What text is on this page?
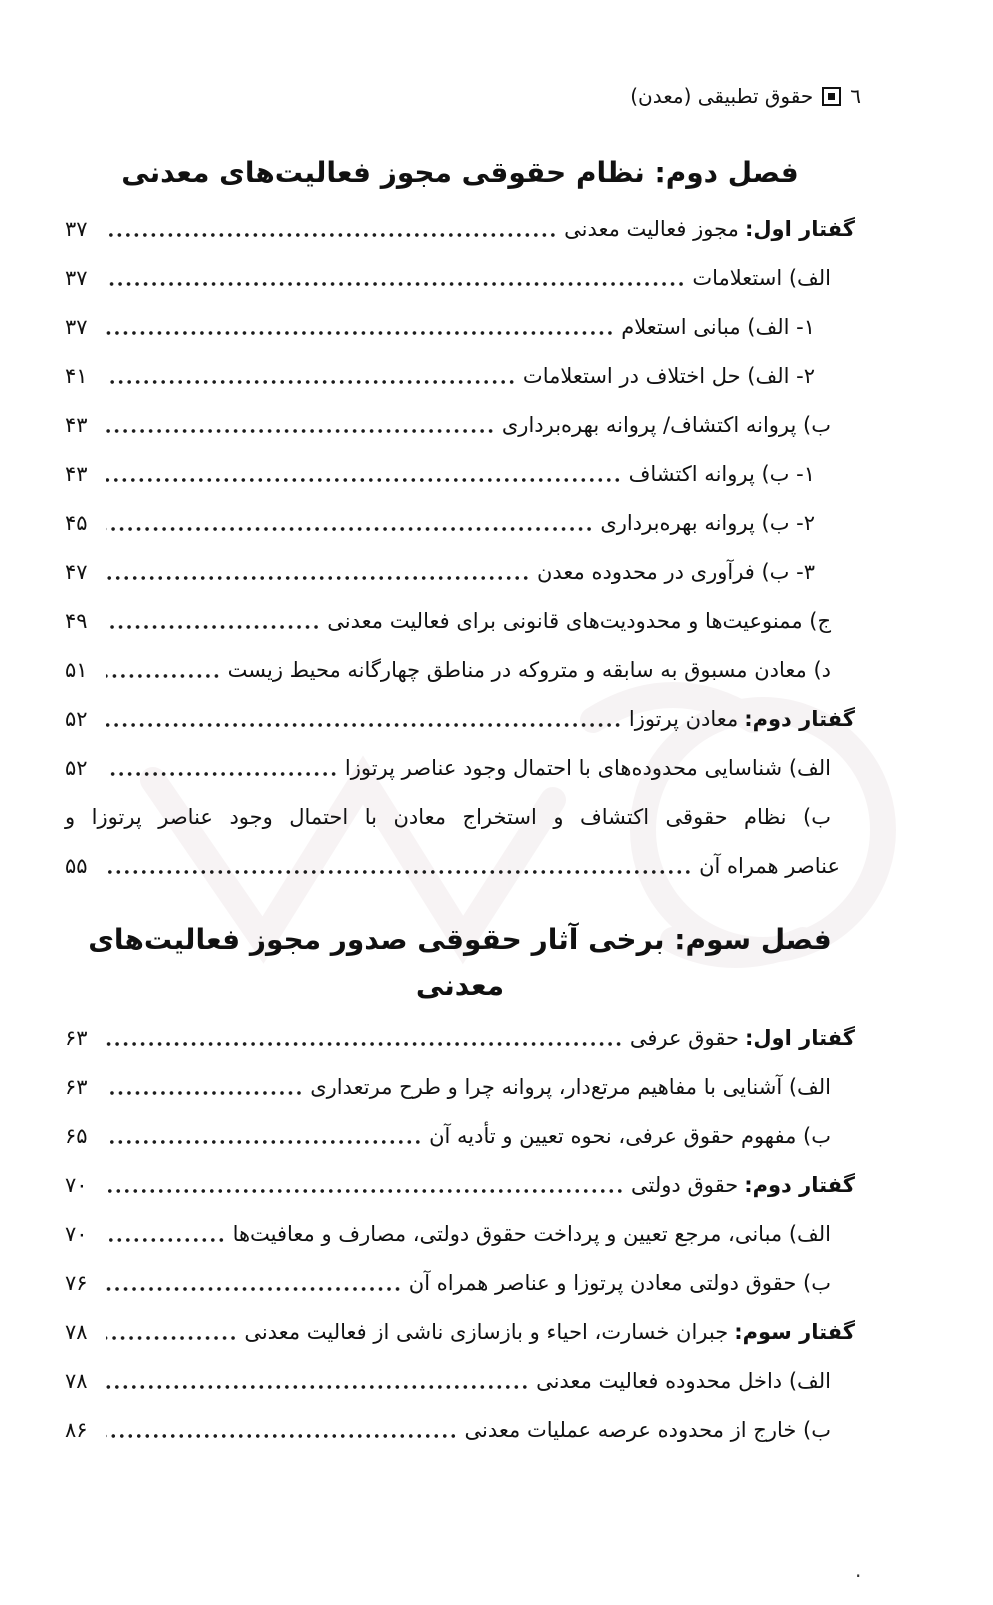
٦
حقوق تطبیقی (معدن)
فصل دوم: نظام حقوقی مجوز فعالیت‌های معدنی
گفتار اول:مجوز فعالیت معدنی
۳۷
الف) استعلامات
۳۷
۱- الف) مبانی استعلام
۳۷
۲- الف) حل اختلاف در استعلامات
۴۱
ب) پروانه اکتشاف/ پروانه بهره‌برداری
۴۳
۱- ب) پروانه اکتشاف
۴۳
۲- ب) پروانه بهره‌برداری
۴۵
۳- ب) فرآوری در محدوده معدن
۴۷
ج) ممنوعیت‌ها و محدودیت‌های قانونی برای فعالیت معدنی
۴۹
د) معادن مسبوق به سابقه و متروکه در مناطق چهارگانه محیط زیست
۵۱
گفتار دوم:معادن پرتوزا
۵۲
الف) شناسایی محدوده‌های با احتمال وجود عناصر پرتوزا
۵۲
ب) نظام حقوقی اکتشاف و استخراج معادن با احتمال وجود عناصر پرتوزا و
عناصر همراه آن
۵۵
فصل سوم: برخی آثار حقوقی صدور مجوز فعالیت‌های معدنی
گفتار اول:حقوق عرفی
۶۳
الف) آشنایی با مفاهیم مرتع‌دار، پروانه چرا و طرح مرتعداری
۶۳
ب) مفهوم حقوق عرفی، نحوه تعیین و تأدیه آن
۶۵
گفتار دوم:حقوق دولتی
۷۰
الف) مبانی، مرجع تعیین و پرداخت حقوق دولتی، مصارف و معافیت‌ها
۷۰
ب) حقوق دولتی معادن پرتوزا و عناصر همراه آن
۷۶
گفتار سوم:جبران خسارت، احیاء و بازسازی ناشی از فعالیت معدنی
۷۸
الف) داخل محدوده فعالیت معدنی
۷۸
ب) خارج از محدوده عرصه عملیات معدنی
۸۶
.
